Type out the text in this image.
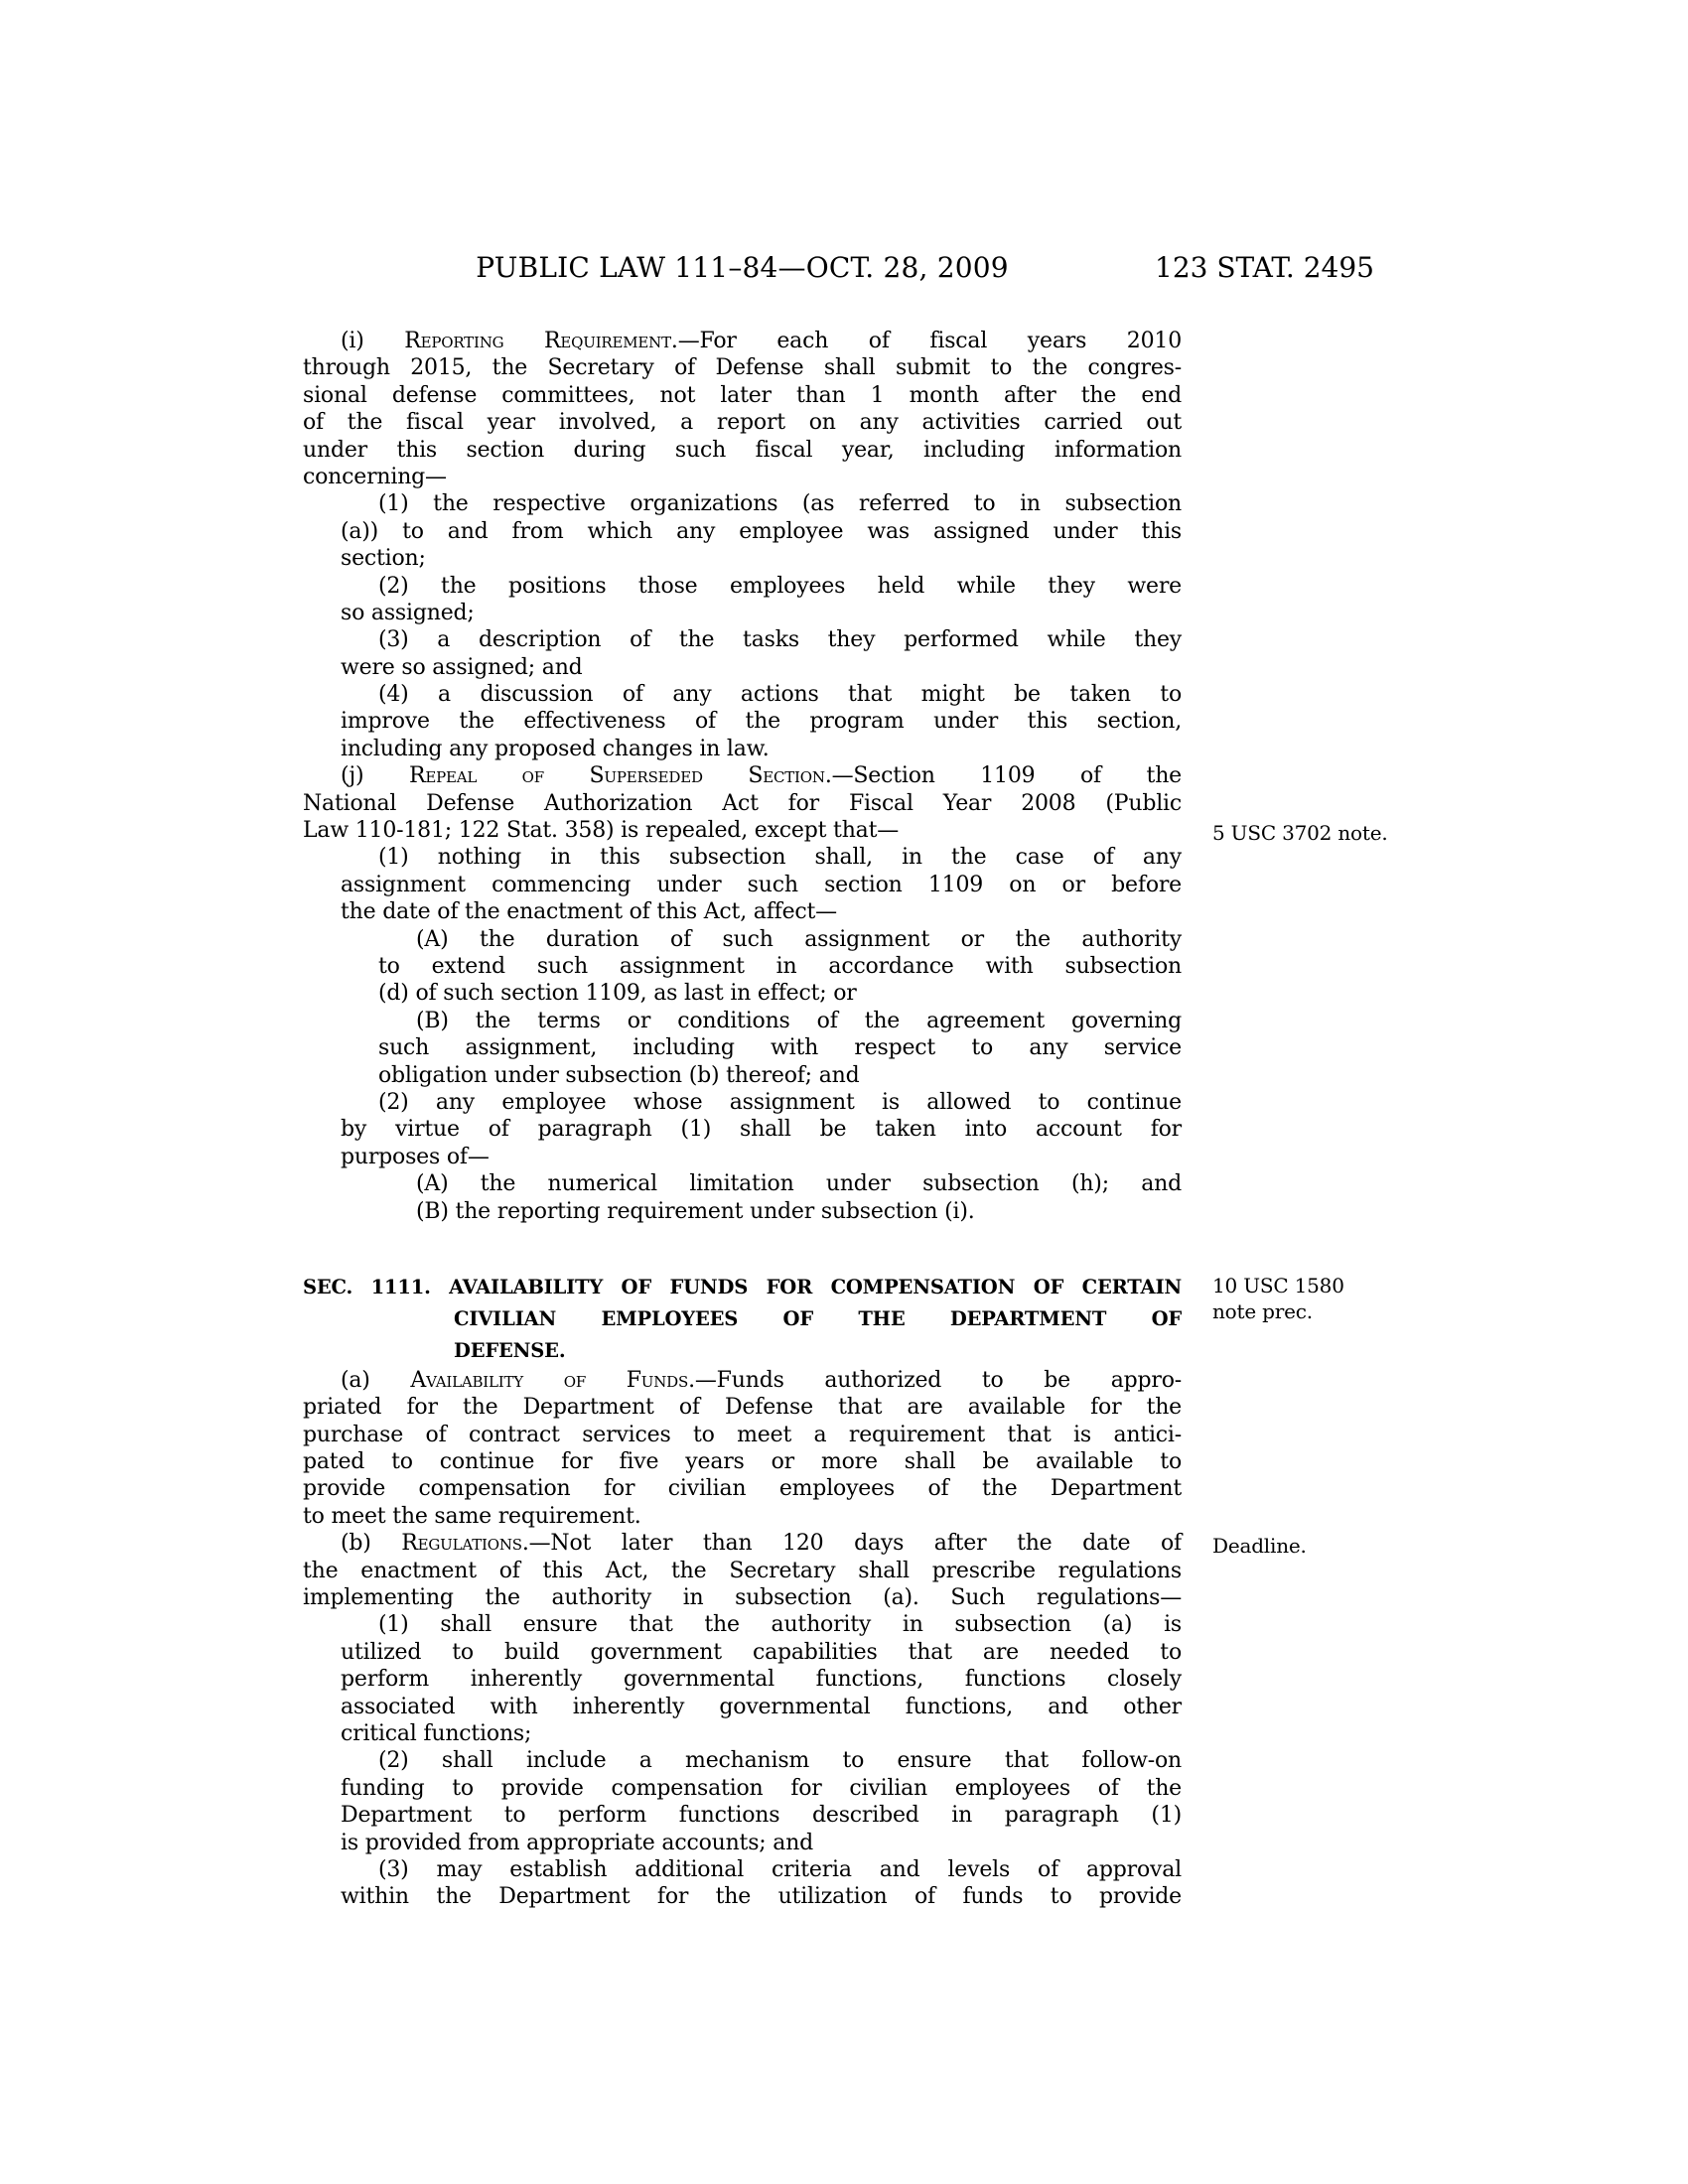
PUBLIC LAW 111–84—OCT. 28, 2009	123 STAT. 2495
(i) Reporting Requirement.—For each of fiscal years 2010
through 2015, the Secretary of Defense shall submit to the congres-
sional defense committees, not later than 1 month after the end
of the fiscal year involved, a report on any activities carried out
under this section during such fiscal year, including information
concerning—
(1) the respective organizations (as referred to in subsection
(a)) to and from which any employee was assigned under this
section;
(2) the positions those employees held while they were
so assigned;
(3) a description of the tasks they performed while they
were so assigned; and
(4) a discussion of any actions that might be taken to
improve the effectiveness of the program under this section,
including any proposed changes in law.
(j) Repeal of Superseded Section.—Section 1109 of the
National Defense Authorization Act for Fiscal Year 2008 (Public
Law 110-181; 122 Stat. 358) is repealed, except that—
(1) nothing in this subsection shall, in the case of any
assignment commencing under such section 1109 on or before
the date of the enactment of this Act, affect—
(A) the duration of such assignment or the authority
to extend such assignment in accordance with subsection
(d) of such section 1109, as last in effect; or
(B) the terms or conditions of the agreement governing
such assignment, including with respect to any service
obligation under subsection (b) thereof; and
(2) any employee whose assignment is allowed to continue
by virtue of paragraph (1) shall be taken into account for
purposes of—
(A) the numerical limitation under subsection (h); and
(B) the reporting requirement under subsection (i).
SEC. 1111. AVAILABILITY OF FUNDS FOR COMPENSATION OF CERTAIN
CIVILIAN EMPLOYEES OF THE DEPARTMENT OF
DEFENSE.
(a) Availability of Funds.—Funds authorized to be appro-
priated for the Department of Defense that are available for the
purchase of contract services to meet a requirement that is antici-
pated to continue for five years or more shall be available to
provide compensation for civilian employees of the Department
to meet the same requirement.
(b) Regulations.—Not later than 120 days after the date of
the enactment of this Act, the Secretary shall prescribe regulations
implementing the authority in subsection (a). Such regulations—
(1) shall ensure that the authority in subsection (a) is
utilized to build government capabilities that are needed to
perform inherently governmental functions, functions closely
associated with inherently governmental functions, and other
critical functions;
(2) shall include a mechanism to ensure that follow-on
funding to provide compensation for civilian employees of the
Department to perform functions described in paragraph (1)
is provided from appropriate accounts; and
(3) may establish additional criteria and levels of approval
within the Department for the utilization of funds to provide
5 USC 3702 note.
10 USC 1580
note prec.
Deadline.
